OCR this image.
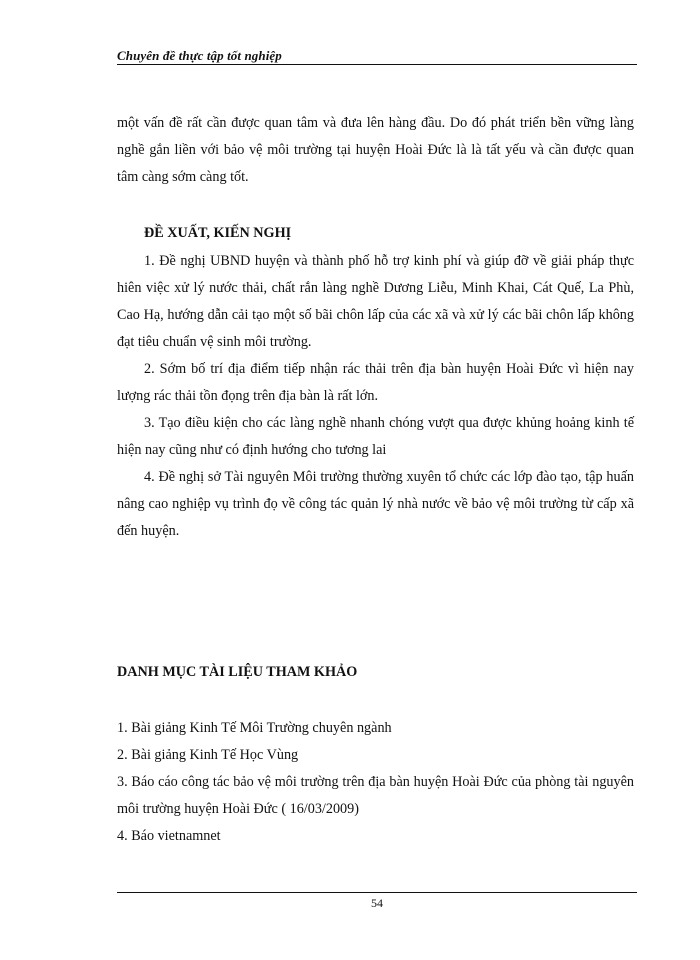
Chuyên đề thực tập tốt nghiệp
một vấn đề rất cần được quan tâm và đưa lên hàng đầu. Do đó phát triển bền vững làng nghề gắn liền với bảo vệ môi trường tại huyện Hoài Đức là là tất yếu và cần được quan tâm càng sớm càng tốt.
ĐỀ XUẤT, KIẾN NGHỊ

1. Đề nghị UBND huyện và thành phố hỗ trợ kinh phí và giúp đỡ về giải pháp thực hiên việc xử lý nước thải, chất rắn làng nghề Dương Liễu, Minh Khai, Cát Quế, La Phù, Cao Hạ, hướng dẫn cải tạo một số bãi chôn lấp của các xã và xử lý các bãi chôn lấp không đạt tiêu chuẩn vệ sinh môi trường.

2. Sớm bố trí địa điểm tiếp nhận rác thải trên địa bàn huyện Hoài Đức vì hiện nay lượng rác thải tồn đọng trên địa bàn là rất lớn.

3. Tạo điều kiện cho các làng nghề nhanh chóng vượt qua được khủng hoảng kinh tế hiện nay cũng như có định hướng cho tương lai

4. Đề nghị sở Tài nguyên Môi trường thường xuyên tổ chức các lớp đào tạo, tập huấn nâng cao nghiệp vụ trình đọ về công tác quản lý nhà nước về bảo vệ môi trường từ cấp xã đến huyện.

DANH MỤC TÀI LIỆU THAM KHẢO

1. Bài giảng Kinh Tế Môi Trường chuyên ngành

2. Bài giảng Kinh Tế Học Vùng

3. Báo cáo công tác bảo vệ môi trường trên địa bàn huyện Hoài Đức của phòng tài nguyên môi trường huyện Hoài Đức ( 16/03/2009)

4. Báo vietnamnet

54
